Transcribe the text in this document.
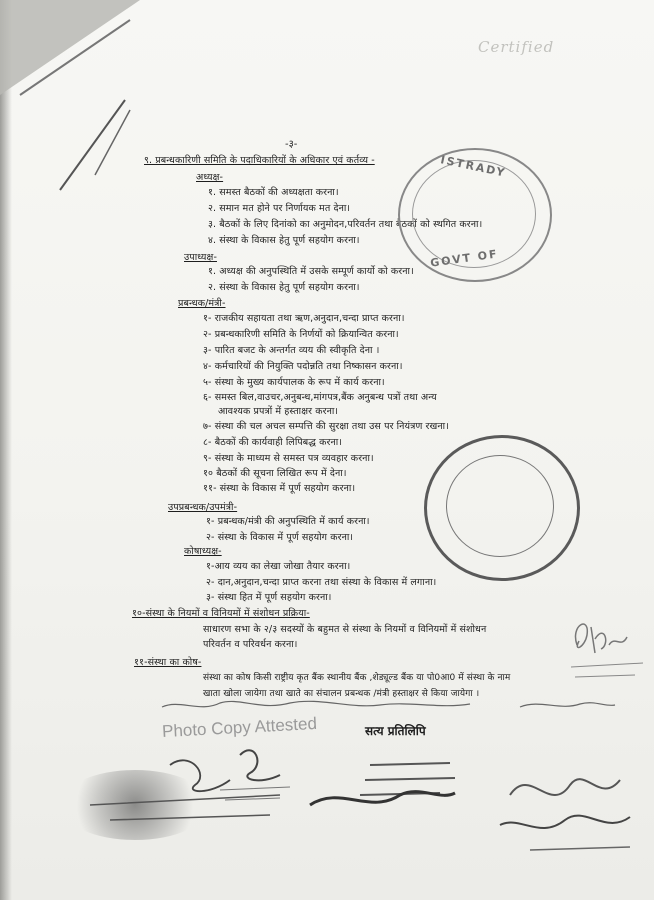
Certified
-३-
९. प्रबन्धकारिणी समिति के पदाधिकारियों के अधिकार एवं कर्तव्य -
अध्यक्ष-
१. समस्त बैठकों की अध्यक्षता करना।
२. समान मत होने पर निर्णायक मत देना।
३. बैठकों के लिए दिनांको का अनुमोदन,परिवर्तन तथा बैठकों को स्थगित करना।
४. संस्था के विकास हेतु पूर्ण सहयोग करना।
उपाध्यक्ष-
१. अध्यक्ष की अनुपस्थिति में उसके सम्पूर्ण कार्यो को करना।
२. संस्था के विकास हेतु पूर्ण सहयोग करना।
प्रबन्धक/मंत्री-
१- राजकीय सहायता तथा ऋण,अनुदान,चन्दा प्राप्त करना।
२- प्रबन्धकारिणी समिति के निर्णयों को क्रियान्वित करना।
३- पारित बजट के अन्तर्गत व्यय की स्वीकृति देना ।
४- कर्मचारियों की नियुक्ति पदोन्नति तथा निष्कासन करना।
५- संस्था के मुख्य कार्यपालक के रूप में कार्य करना।
६- समस्त बिल,वाउचर,अनुबन्ध,मांगपत्र,बैंक अनुबन्ध पत्रों तथा अन्य
आवश्यक प्रपत्रों में हस्ताक्षर करना।
७- संस्था की चल अचल सम्पत्ति की सुरक्षा तथा उस पर नियंत्रण रखना।
८- बैठकों की कार्यवाही लिपिबद्ध करना।
९- संस्था के माध्यम से समस्त पत्र व्यवहार करना।
१० बैठकों की सूचना लिखित रूप में देना।
११- संस्था के विकास में पूर्ण सहयोग करना।
उपप्रबन्धक/उपमंत्री-
१- प्रबन्धक/मंत्री की अनुपस्थिति में कार्य करना।
२- संस्था के विकास में पूर्ण सहयोग करना।
कोषाध्यक्ष-
१-आय व्यय का लेखा जोखा तैयार करना।
२- दान,अनुदान,चन्दा प्राप्त करना तथा संस्था के विकास में लगाना।
३- संस्था हित में पूर्ण सहयोग करना।
१०-संस्था के नियमों व विनियमों में संशोधन प्रक्रिया-
साधारण सभा के २/३ सदस्यों के बहुमत से संस्था के नियमों व विनियमों में संशोधन
परिवर्तन व परिवर्धन करना।
११-संस्था का कोष-
संस्था का कोष किसी राष्ट्रीय कृत बैंक स्थानीय बैंक ,शेड्यूल्ड बैंक या पो0आ0 में संस्था के नाम
खाता खोला जायेगा तथा खाते का संचालन प्रबन्धक /मंत्री हस्ताक्षर से किया जायेगा ।
ISTRADY
GOVT OF
Photo Copy Attested	सत्य प्रतिलिपि
